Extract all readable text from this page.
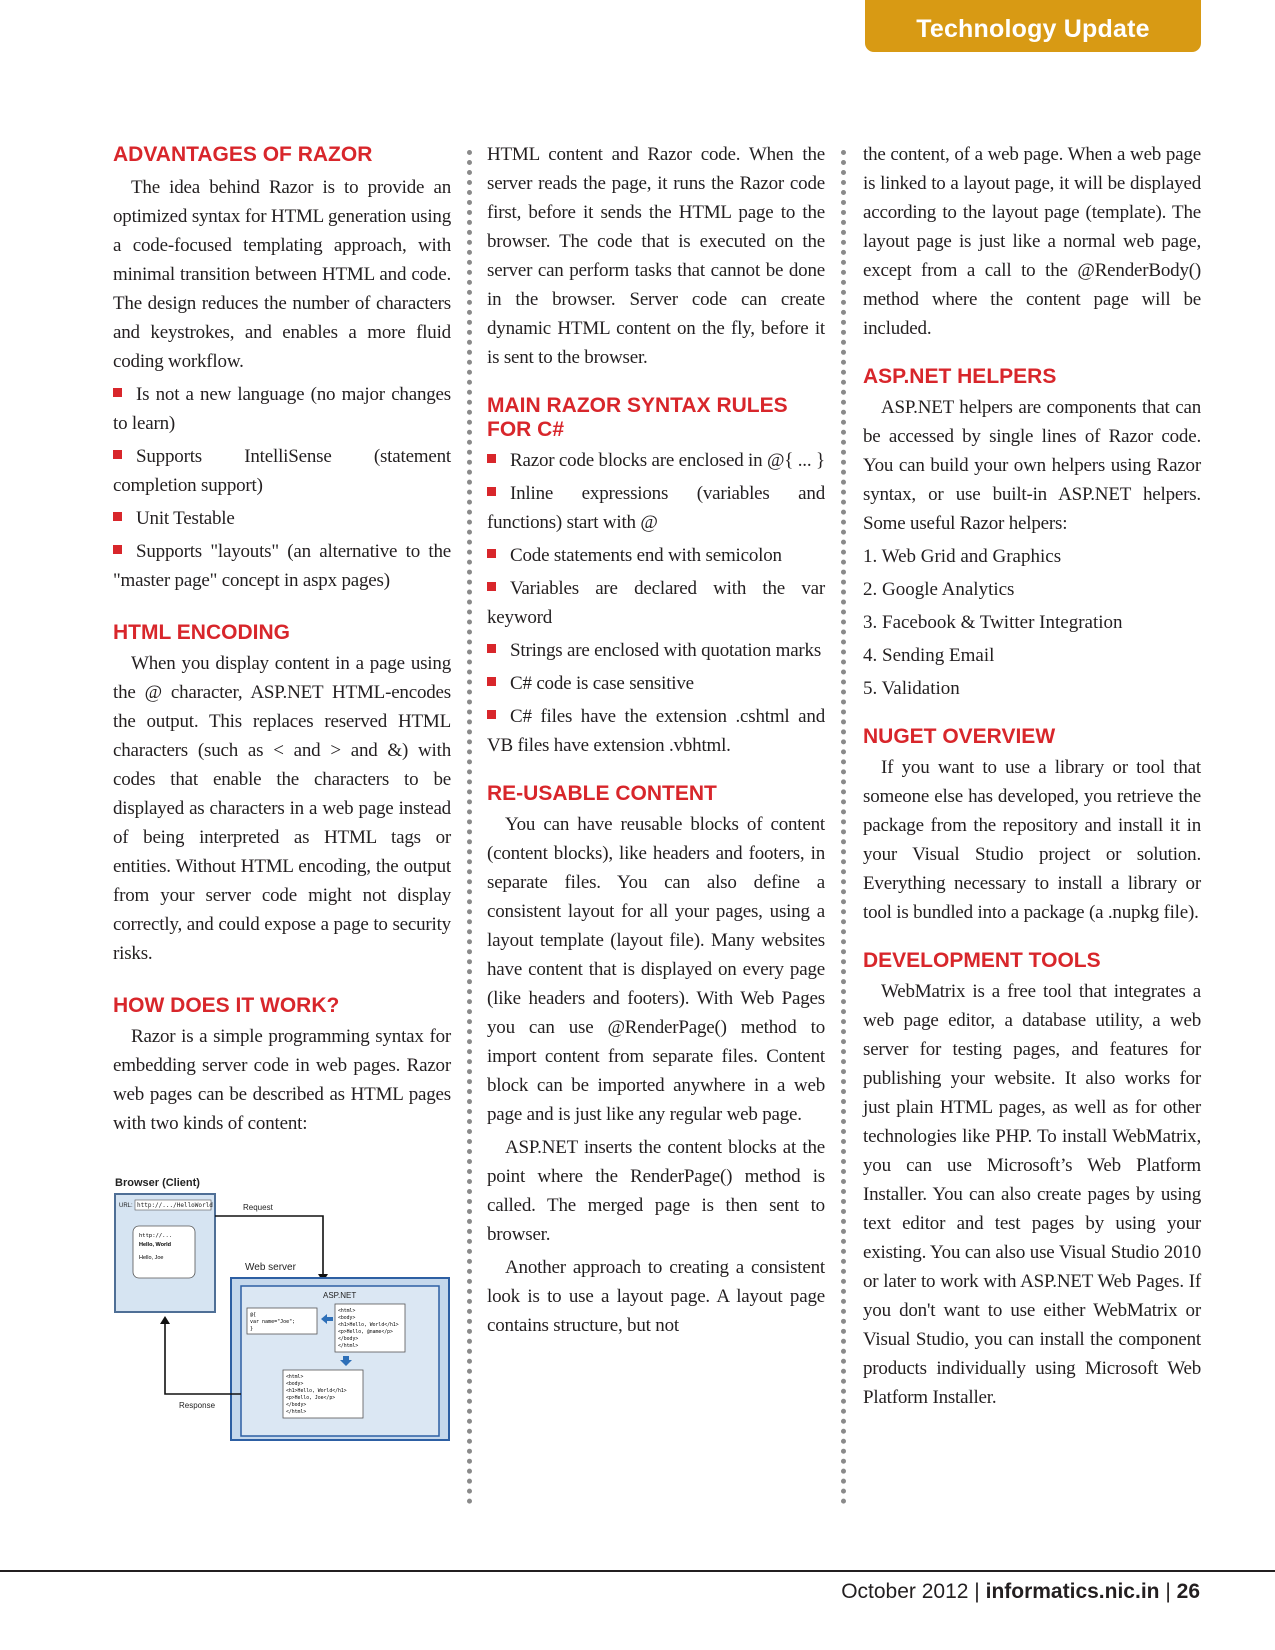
Technology Update
ADVANTAGES OF RAZOR

The idea behind Razor is to provide an optimized syntax for HTML generation using a code-focused templating approach, with minimal transition between HTML and code. The design reduces the number of characters and keystrokes, and enables a more fluid coding workflow.

Is not a new language (no major changes to learn)
Supports IntelliSense (statement completion support)
Unit Testable
Supports "layouts" (an alternative to the "master page" concept in aspx pages)
HTML ENCODING

When you display content in a page using the @ character, ASP.NET HTML-encodes the output. This replaces reserved HTML characters (such as < and > and &) with codes that enable the characters to be displayed as characters in a web page instead of being interpreted as HTML tags or entities. Without HTML encoding, the output from your server code might not display correctly, and could expose a page to security risks.

HOW DOES IT WORK?

Razor is a simple programming syntax for embedding server code in web pages. Razor web pages can be described as HTML pages with two kinds of content:

Browser (Client)
URL: http://.../HelloWorld
http://...
Hello, World
Hello, Joe
Request
Web server
ASP.NET
@{
var name="Joe";
}
<html>
<body>
<h1>Hello, World</h1>
<p>Hello, @name</p>
</body>
</html>
<html>
<body>
<h1>Hello, World</h1>
<p>Hello, Joe</p>
</body>
</html>
Response

HTML content and Razor code. When the server reads the page, it runs the Razor code first, before it sends the HTML page to the browser. The code that is executed on the server can perform tasks that cannot be done in the browser. Server code can create dynamic HTML content on the fly, before it is sent to the browser.

MAIN RAZOR SYNTAX RULES FOR C#
Razor code blocks are enclosed in @{ ... }
Inline expressions (variables and functions) start with @
Code statements end with semicolon
Variables are declared with the var keyword
Strings are enclosed with quotation marks
C# code is case sensitive
C# files have the extension .cshtml and VB files have extension .vbhtml.
RE-USABLE CONTENT

You can have reusable blocks of content (content blocks), like headers and footers, in separate files. You can also define a consistent layout for all your pages, using a layout template (layout file). Many websites have content that is displayed on every page (like headers and footers). With Web Pages you can use @RenderPage() method to import content from separate files. Content block can be imported anywhere in a web page and is just like any regular web page.

ASP.NET inserts the content blocks at the point where the RenderPage() method is called. The merged page is then sent to browser.

Another approach to creating a consistent look is to use a layout page. A layout page contains structure, but not

the content, of a web page. When a web page is linked to a layout page, it will be displayed according to the layout page (template). The layout page is just like a normal web page, except from a call to the @RenderBody() method where the content page will be included.

ASP.NET HELPERS

ASP.NET helpers are components that can be accessed by single lines of Razor code. You can build your own helpers using Razor syntax, or use built-in ASP.NET helpers. Some useful Razor helpers:

1. Web Grid and Graphics
2. Google Analytics
3. Facebook & Twitter Integration
4. Sending Email
5. Validation
NUGET OVERVIEW

If you want to use a library or tool that someone else has developed, you retrieve the package from the repository and install it in your Visual Studio project or solution. Everything necessary to install a library or tool is bundled into a package (a .nupkg file).

DEVELOPMENT TOOLS

WebMatrix is a free tool that integrates a web page editor, a database utility, a web server for testing pages, and features for publishing your website. It also works for just plain HTML pages, as well as for other technologies like PHP. To install WebMatrix, you can use Microsoft’s Web Platform Installer. You can also create pages by using text editor and test pages by using your existing. You can also use Visual Studio 2010 or later to work with ASP.NET Web Pages. If you don't want to use either WebMatrix or Visual Studio, you can install the component products individually using Microsoft Web Platform Installer.

October 2012 | informatics.nic.in | 26
